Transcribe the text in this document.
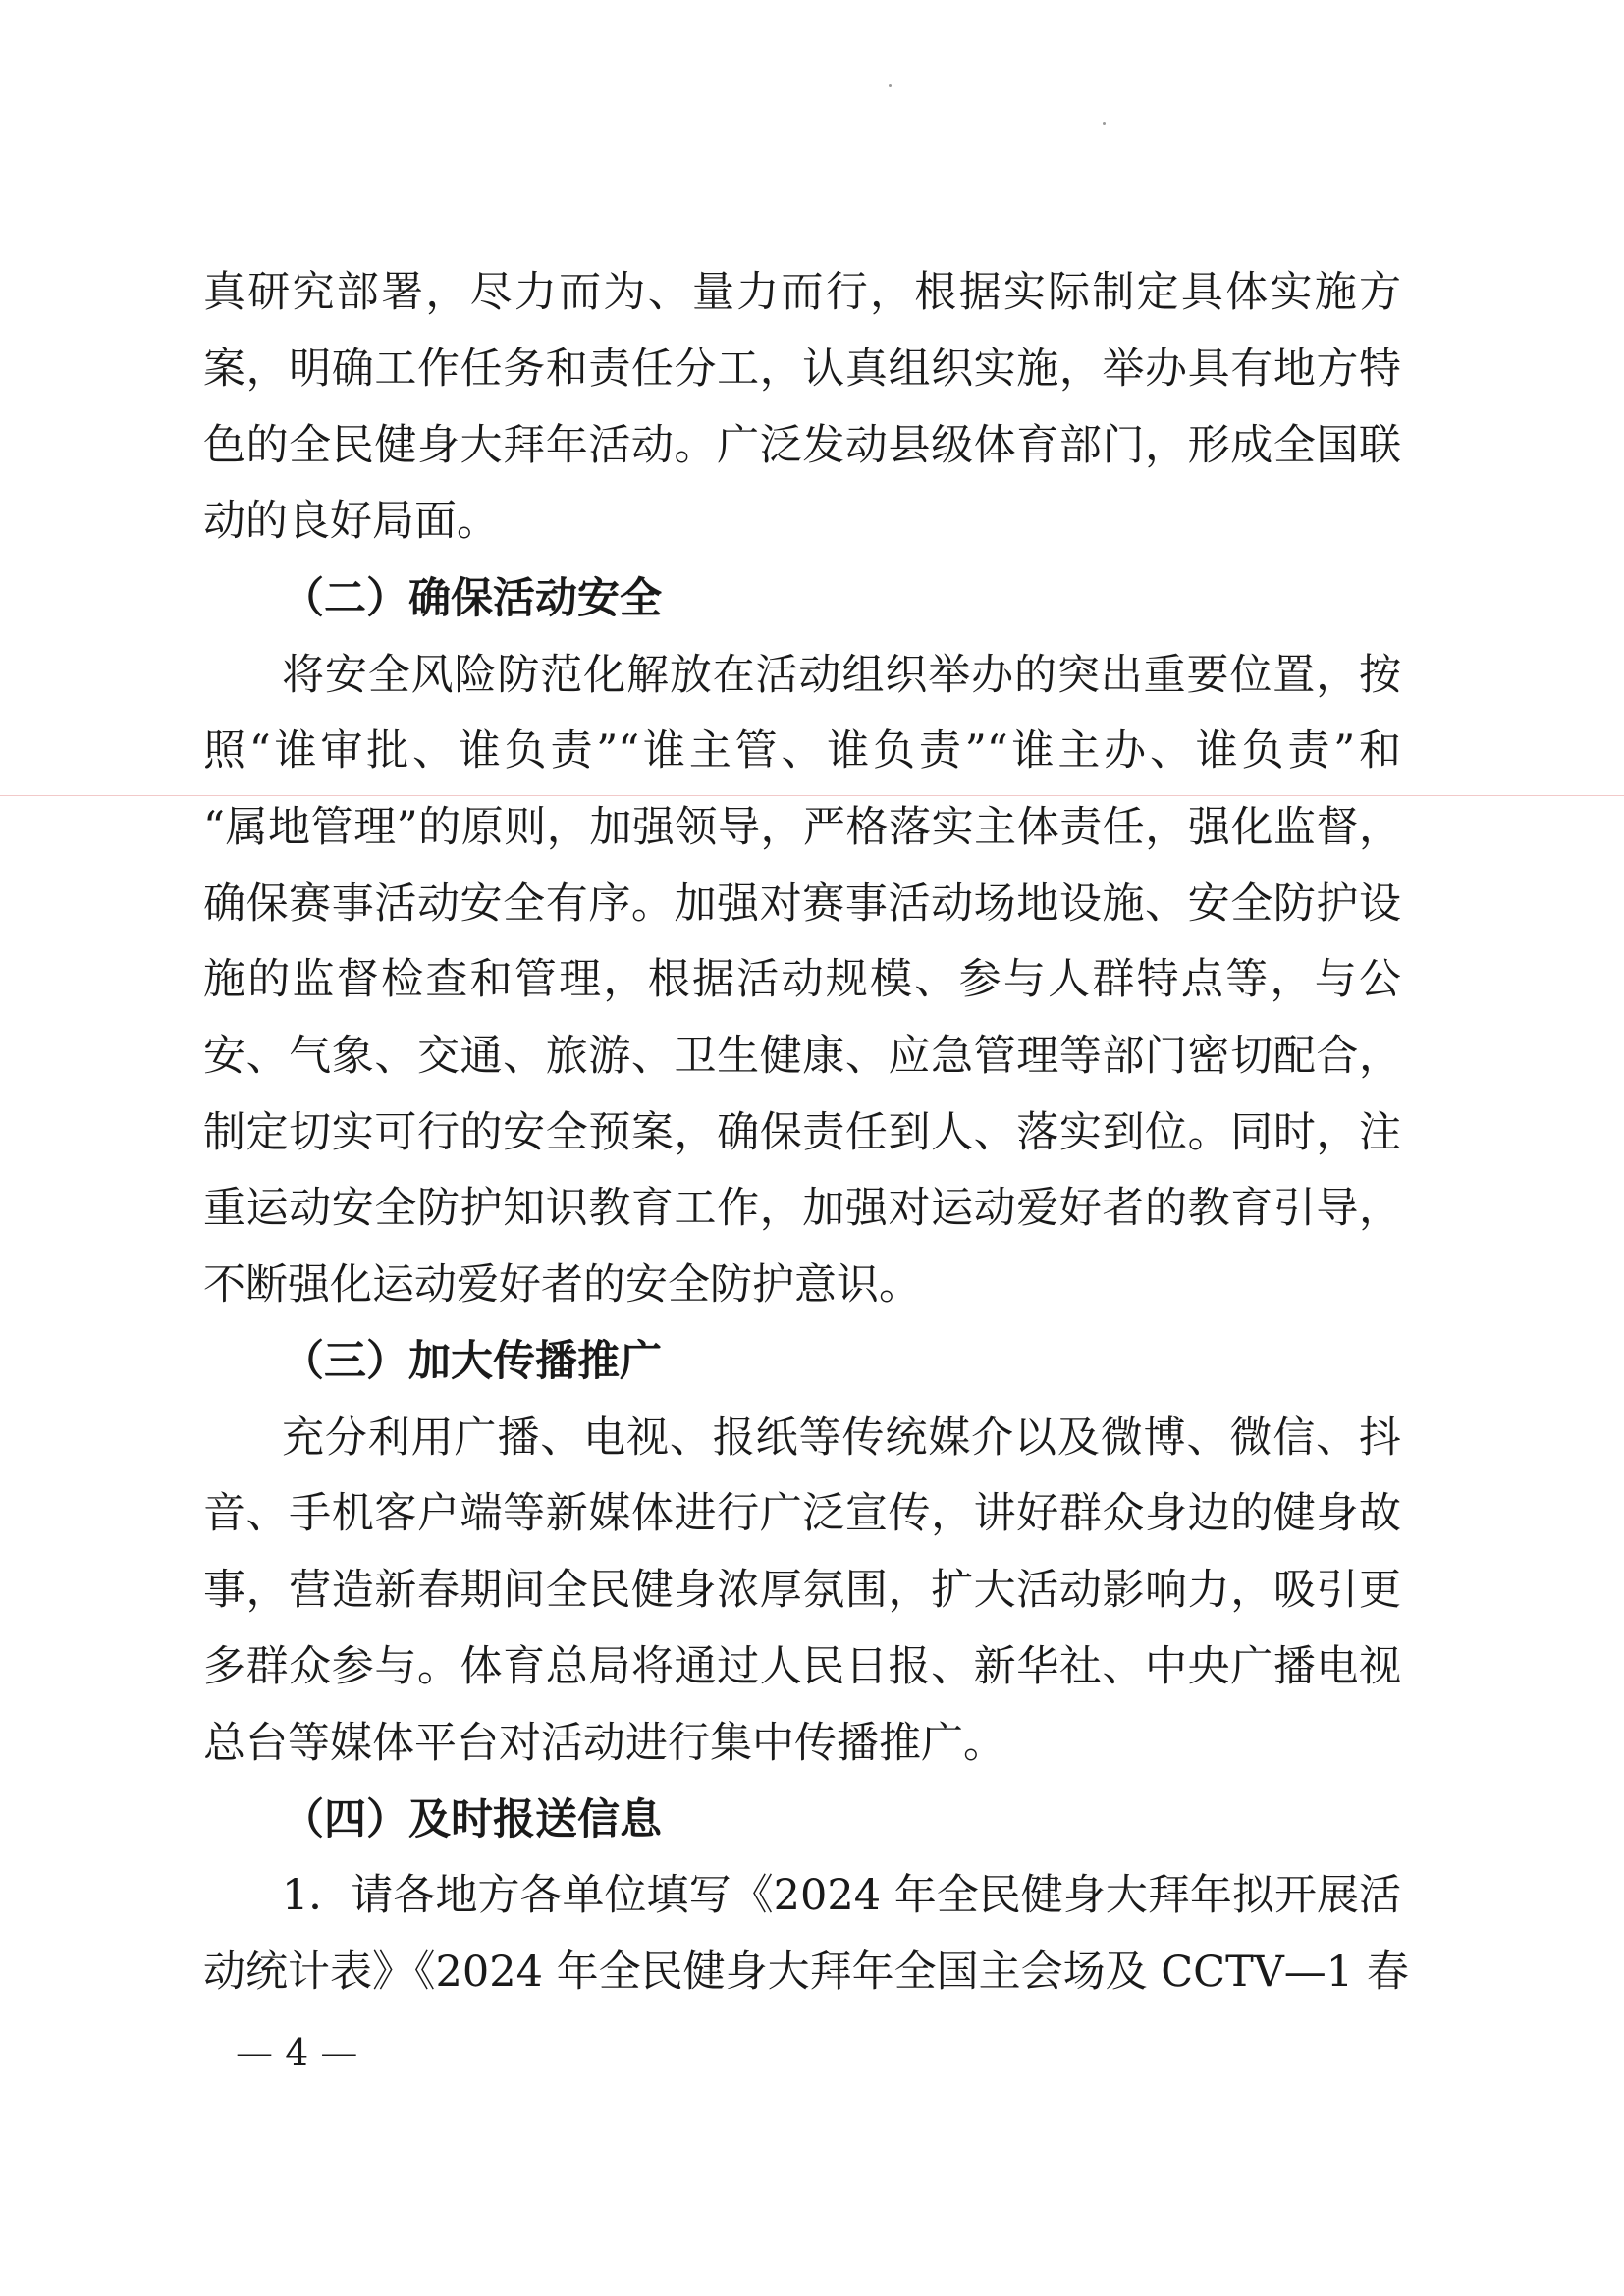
真研究部署，尽力而为、量力而行，根据实际制定具体实施方
案，明确工作任务和责任分工，认真组织实施，举办具有地方特
色的全民健身大拜年活动。广泛发动县级体育部门，形成全国联
动的良好局面。
（二）确保活动安全
将安全风险防范化解放在活动组织举办的突出重要位置，按
照“谁审批、谁负责”“谁主管、谁负责”“谁主办、谁负责”和
“属地管理”的原则，加强领导，严格落实主体责任，强化监督，
确保赛事活动安全有序。加强对赛事活动场地设施、安全防护设
施的监督检查和管理，根据活动规模、参与人群特点等，与公
安、气象、交通、旅游、卫生健康、应急管理等部门密切配合，
制定切实可行的安全预案，确保责任到人、落实到位。同时，注
重运动安全防护知识教育工作，加强对运动爱好者的教育引导，
不断强化运动爱好者的安全防护意识。
（三）加大传播推广
充分利用广播、电视、报纸等传统媒介以及微博、微信、抖
音、手机客户端等新媒体进行广泛宣传，讲好群众身边的健身故
事，营造新春期间全民健身浓厚氛围，扩大活动影响力，吸引更
多群众参与。体育总局将通过人民日报、新华社、中央广播电视
总台等媒体平台对活动进行集中传播推广。
（四）及时报送信息
1．请各地方各单位填写《2024 年全民健身大拜年拟开展活
动统计表》《2024 年全民健身大拜年全国主会场及 CCTV—1 春
— 4 —
